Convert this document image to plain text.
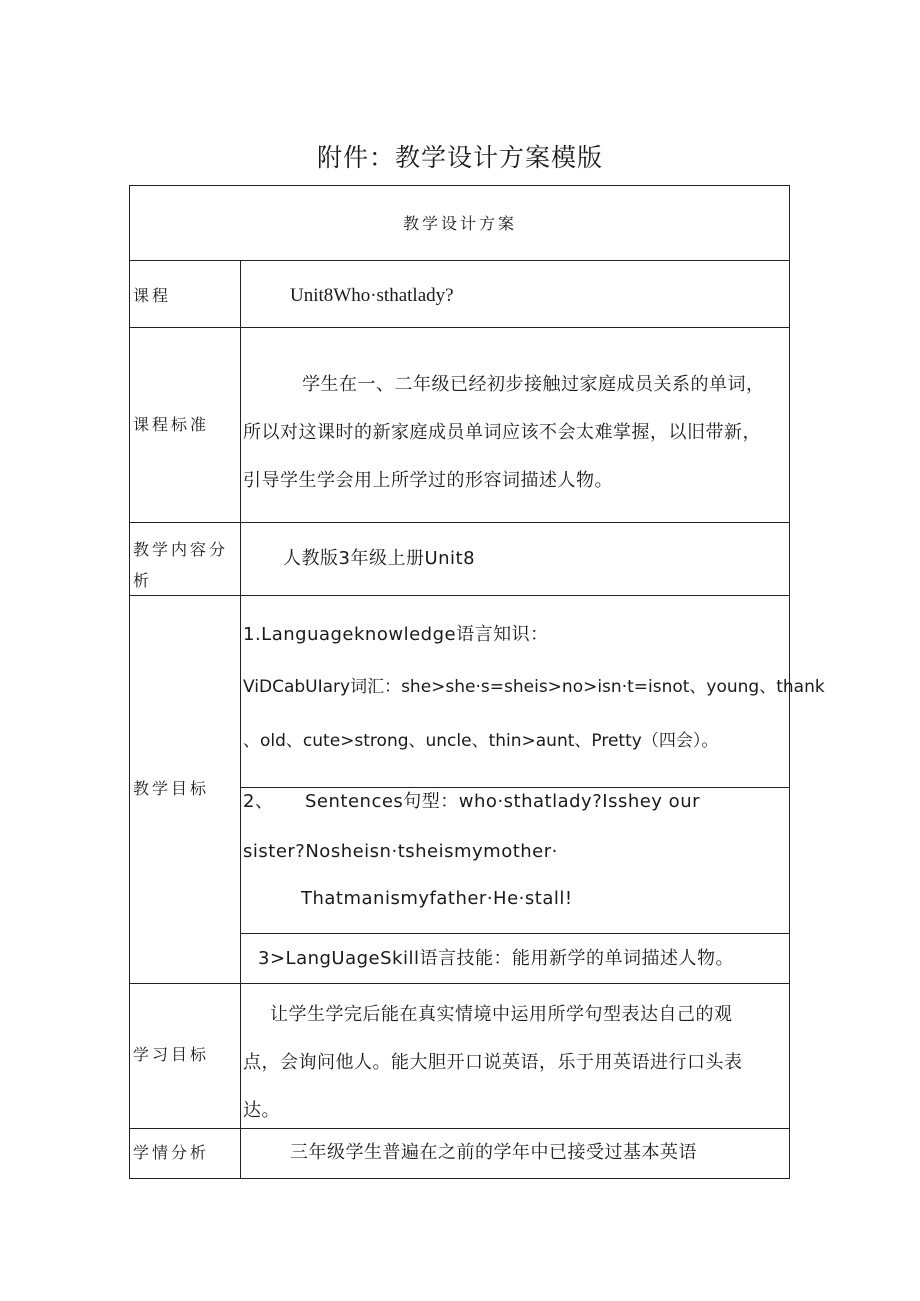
附件：教学设计方案模版
教学设计方案
课程	Unit8Who·sthatlady?
课程标准
学生在一、二年级已经初步接触过家庭成员关系的单词，
所以对这课时的新家庭成员单词应该不会太难掌握，以旧带新，
引导学生学会用上所学过的形容词描述人物。
教学内容分
析
人教版3年级上册Unit8
教学目标
1.Languageknowledge语言知识：
ViDCabUIary词汇：she>she·s=sheis>no>isn·t=isnot、young、thank
、old、cute>strong、uncle、thin>aunt、Pretty（四会）。
2、 Sentences句型：who·sthatlady?Isshey our
sister?Nosheisn·tsheismymother·
Thatmanismyfather·He·stall!
3>LangUageSkill语言技能：能用新学的单词描述人物。
学习目标
让学生学完后能在真实情境中运用所学句型表达自己的观
点，会询问他人。能大胆开口说英语，乐于用英语进行口头表
达。
学情分析	三年级学生普遍在之前的学年中已接受过基本英语
